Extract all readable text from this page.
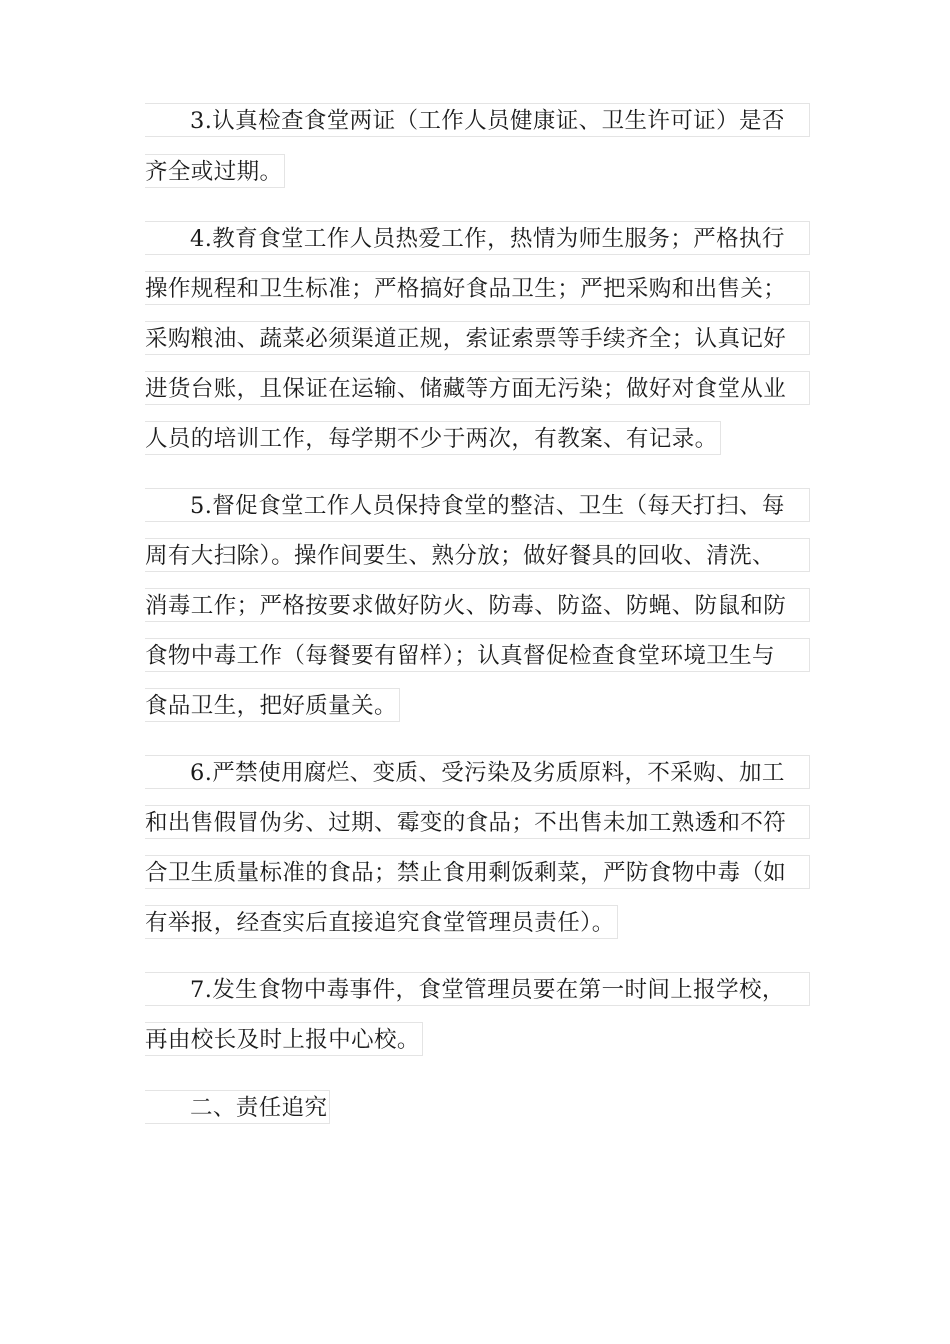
3.认真检查食堂两证（工作人员健康证、卫生许可证）是否
齐全或过期。
4.教育食堂工作人员热爱工作，热情为师生服务；严格执行
操作规程和卫生标准；严格搞好食品卫生；严把采购和出售关；
采购粮油、蔬菜必须渠道正规，索证索票等手续齐全；认真记好
进货台账，且保证在运输、储藏等方面无污染；做好对食堂从业
人员的培训工作，每学期不少于两次，有教案、有记录。
5.督促食堂工作人员保持食堂的整洁、卫生（每天打扫、每
周有大扫除）。操作间要生、熟分放；做好餐具的回收、清洗、
消毒工作；严格按要求做好防火、防毒、防盗、防蝇、防鼠和防
食物中毒工作（每餐要有留样）；认真督促检查食堂环境卫生与
食品卫生，把好质量关。
6.严禁使用腐烂、变质、受污染及劣质原料，不采购、加工
和出售假冒伪劣、过期、霉变的食品；不出售未加工熟透和不符
合卫生质量标准的食品；禁止食用剩饭剩菜，严防食物中毒（如
有举报，经查实后直接追究食堂管理员责任）。
7.发生食物中毒事件，食堂管理员要在第一时间上报学校，
再由校长及时上报中心校。
二、责任追究
